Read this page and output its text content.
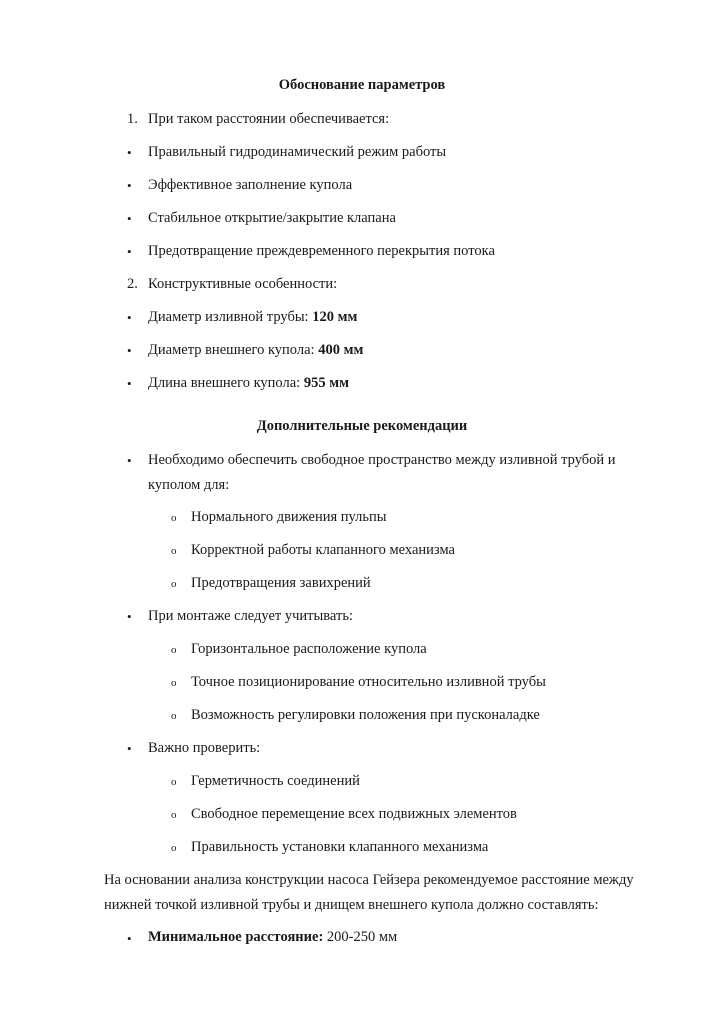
Обоснование параметров
1. При таком расстоянии обеспечивается:
• Правильный гидродинамический режим работы
• Эффективное заполнение купола
• Стабильное открытие/закрытие клапана
• Предотвращение преждевременного перекрытия потока
2. Конструктивные особенности:
• Диаметр изливной трубы: 120 мм
• Диаметр внешнего купола: 400 мм
• Длина внешнего купола: 955 мм
Дополнительные рекомендации
• Необходимо обеспечить свободное пространство между изливной трубой и
куполом для:
o Нормального движения пульпы
o Корректной работы клапанного механизма
o Предотвращения завихрений
• При монтаже следует учитывать:
o Горизонтальное расположение купола
o Точное позиционирование относительно изливной трубы
o Возможность регулировки положения при пусконаладке
• Важно проверить:
o Герметичность соединений
o Свободное перемещение всех подвижных элементов
o Правильность установки клапанного механизма
На основании анализа конструкции насоса Гейзера рекомендуемое расстояние между
нижней точкой изливной трубы и днищем внешнего купола должно составлять:
• Минимальное расстояние: 200-250 мм
